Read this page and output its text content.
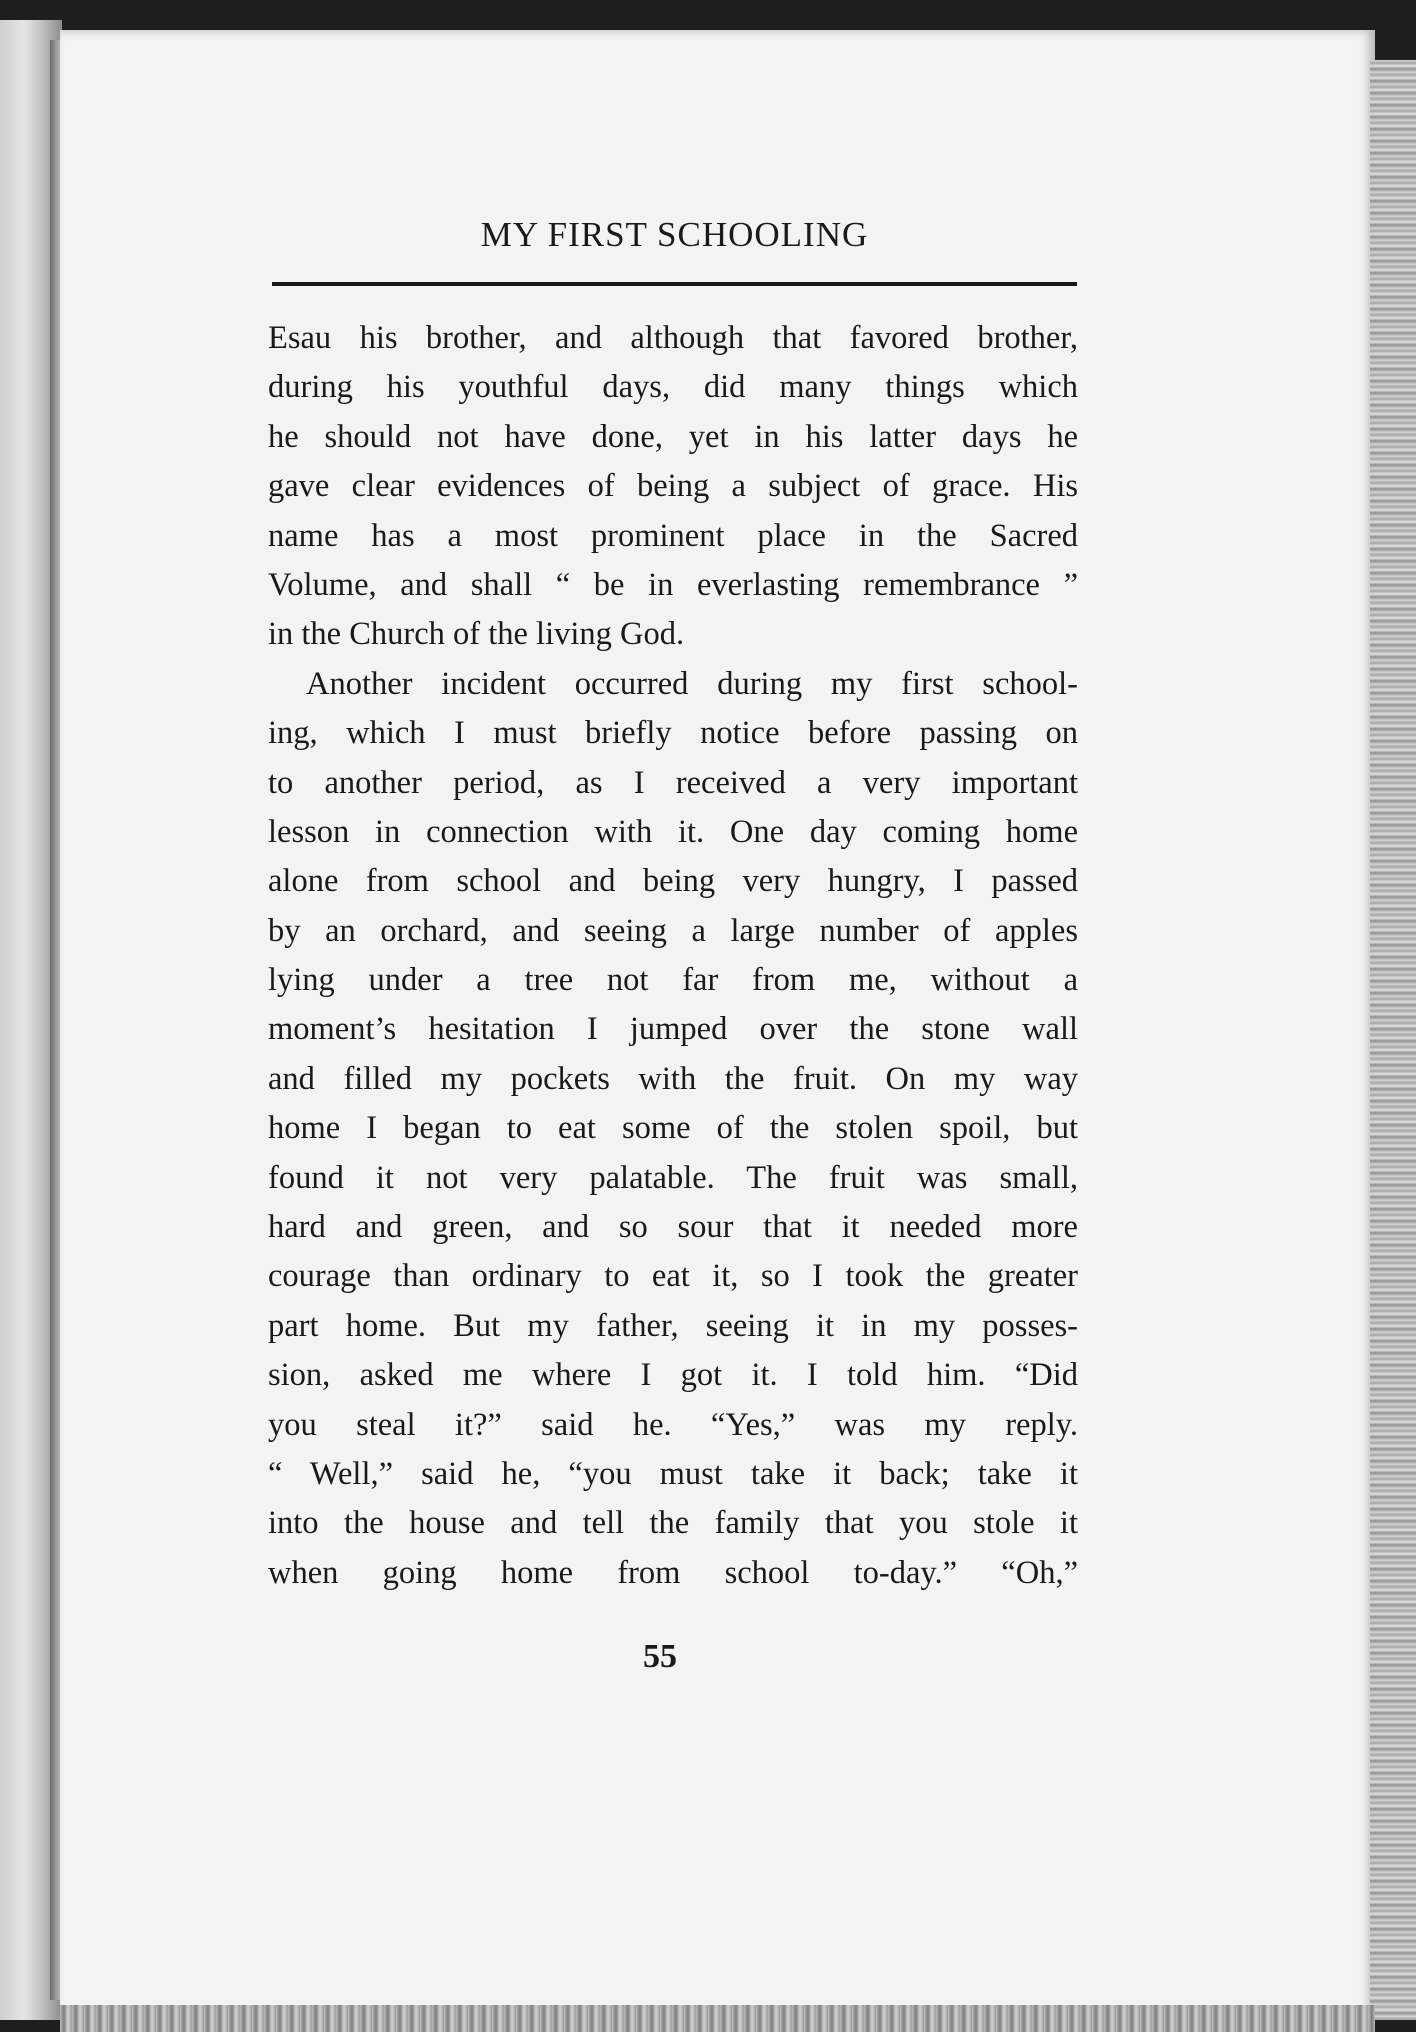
MY FIRST SCHOOLING
Esau his brother, and although that favored brother,
during his youthful days, did many things which
he should not have done, yet in his latter days he
gave clear evidences of being a subject of grace. His
name has a most prominent place in the Sacred
Volume, and shall “ be in everlasting remembrance ”
in the Church of the living God.
Another incident occurred during my first school-
ing, which I must briefly notice before passing on
to another period, as I received a very important
lesson in connection with it. One day coming home
alone from school and being very hungry, I passed
by an orchard, and seeing a large number of apples
lying under a tree not far from me, without a
moment’s hesitation I jumped over the stone wall
and filled my pockets with the fruit. On my way
home I began to eat some of the stolen spoil, but
found it not very palatable. The fruit was small,
hard and green, and so sour that it needed more
courage than ordinary to eat it, so I took the greater
part home. But my father, seeing it in my posses-
sion, asked me where I got it. I told him. “Did
you steal it?” said he. “Yes,” was my reply.
“ Well,” said he, “you must take it back; take it
into the house and tell the family that you stole it
when going home from school to-day.” “Oh,”
55
